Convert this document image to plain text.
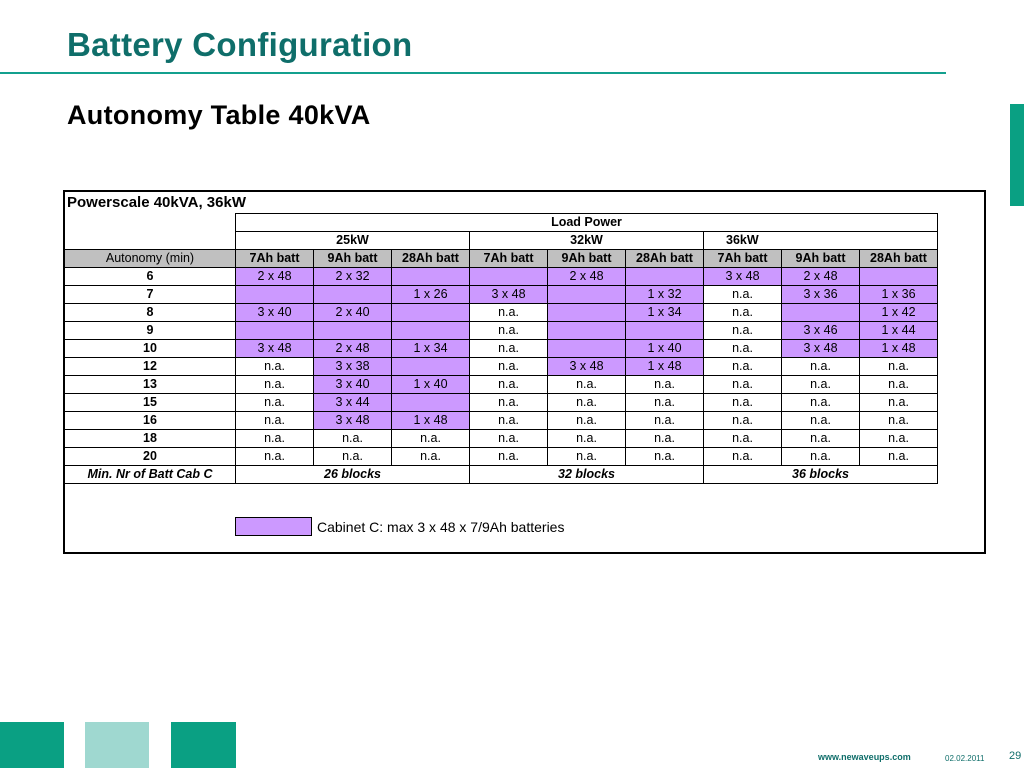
Battery Configuration
Autonomy Table 40kVA
Powerscale 40kVA, 36kW
	Load Power								
	25kW			32kW			36kW		
Autonomy (min)	7Ah batt	9Ah batt	28Ah batt	7Ah batt	9Ah batt	28Ah batt	7Ah batt	9Ah batt	28Ah batt
6	2 x 48	2 x 32			2 x 48		3 x 48	2 x 48	
7			1 x 26	3 x 48		1 x 32	n.a.	3 x 36	1 x 36
8	3 x 40	2 x 40		n.a.		1 x 34	n.a.		1 x 42
9				n.a.			n.a.	3 x 46	1 x 44
10	3 x 48	2 x 48	1 x 34	n.a.		1 x 40	n.a.	3 x 48	1 x 48
12	n.a.	3 x 38		n.a.	3 x 48	1 x 48	n.a.	n.a.	n.a.
13	n.a.	3 x 40	1 x 40	n.a.	n.a.	n.a.	n.a.	n.a.	n.a.
15	n.a.	3 x 44		n.a.	n.a.	n.a.	n.a.	n.a.	n.a.
16	n.a.	3 x 48	1 x 48	n.a.	n.a.	n.a.	n.a.	n.a.	n.a.
18	n.a.	n.a.	n.a.	n.a.	n.a.	n.a.	n.a.	n.a.	n.a.
20	n.a.	n.a.	n.a.	n.a.	n.a.	n.a.	n.a.	n.a.	n.a.
Min. Nr of Batt Cab C	26 blocks			32 blocks			36 blocks		
Cabinet C: max 3 x 48 x 7/9Ah batteries
www.newaveups.com	02.02.2011 29
